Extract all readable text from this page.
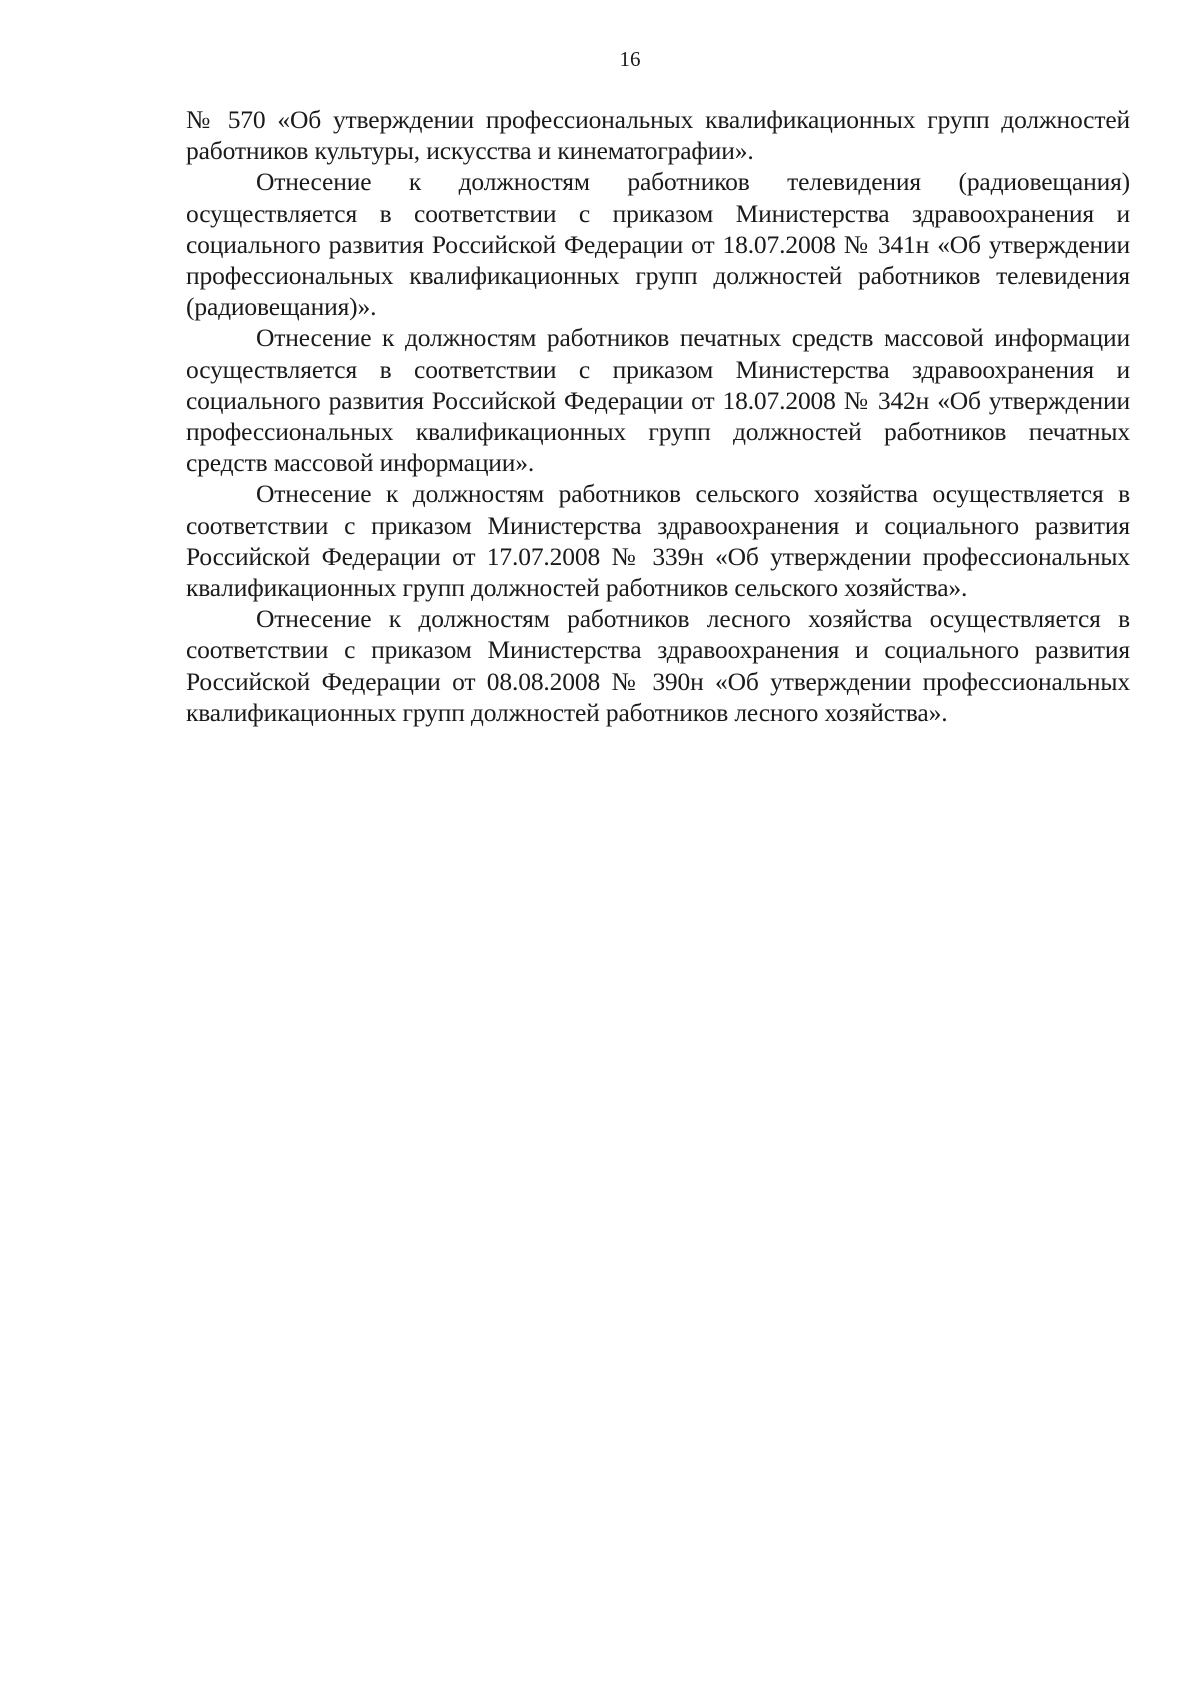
16

№ 570 «Об утверждении профессиональных квалификационных групп должностей работников культуры, искусства и кинематографии».

Отнесение к должностям работников телевидения (радиовещания) осуществляется в соответствии с приказом Министерства здравоохранения и социального развития Российской Федерации от 18.07.2008 № 341н «Об утверждении профессиональных квалификационных групп должностей работников телевидения (радиовещания)».

Отнесение к должностям работников печатных средств массовой информации осуществляется в соответствии с приказом Министерства здравоохранения и социального развития Российской Федерации от 18.07.2008 № 342н «Об утверждении профессиональных квалификационных групп должностей работников печатных средств массовой информации».

Отнесение к должностям работников сельского хозяйства осуществляется в соответствии с приказом Министерства здравоохранения и социального развития Российской Федерации от 17.07.2008 № 339н «Об утверждении профессиональных квалификационных групп должностей работников сельского хозяйства».

Отнесение к должностям работников лесного хозяйства осуществляется в соответствии с приказом Министерства здравоохранения и социального развития Российской Федерации от 08.08.2008 № 390н «Об утверждении профессиональных квалификационных групп должностей работников лесного хозяйства».
